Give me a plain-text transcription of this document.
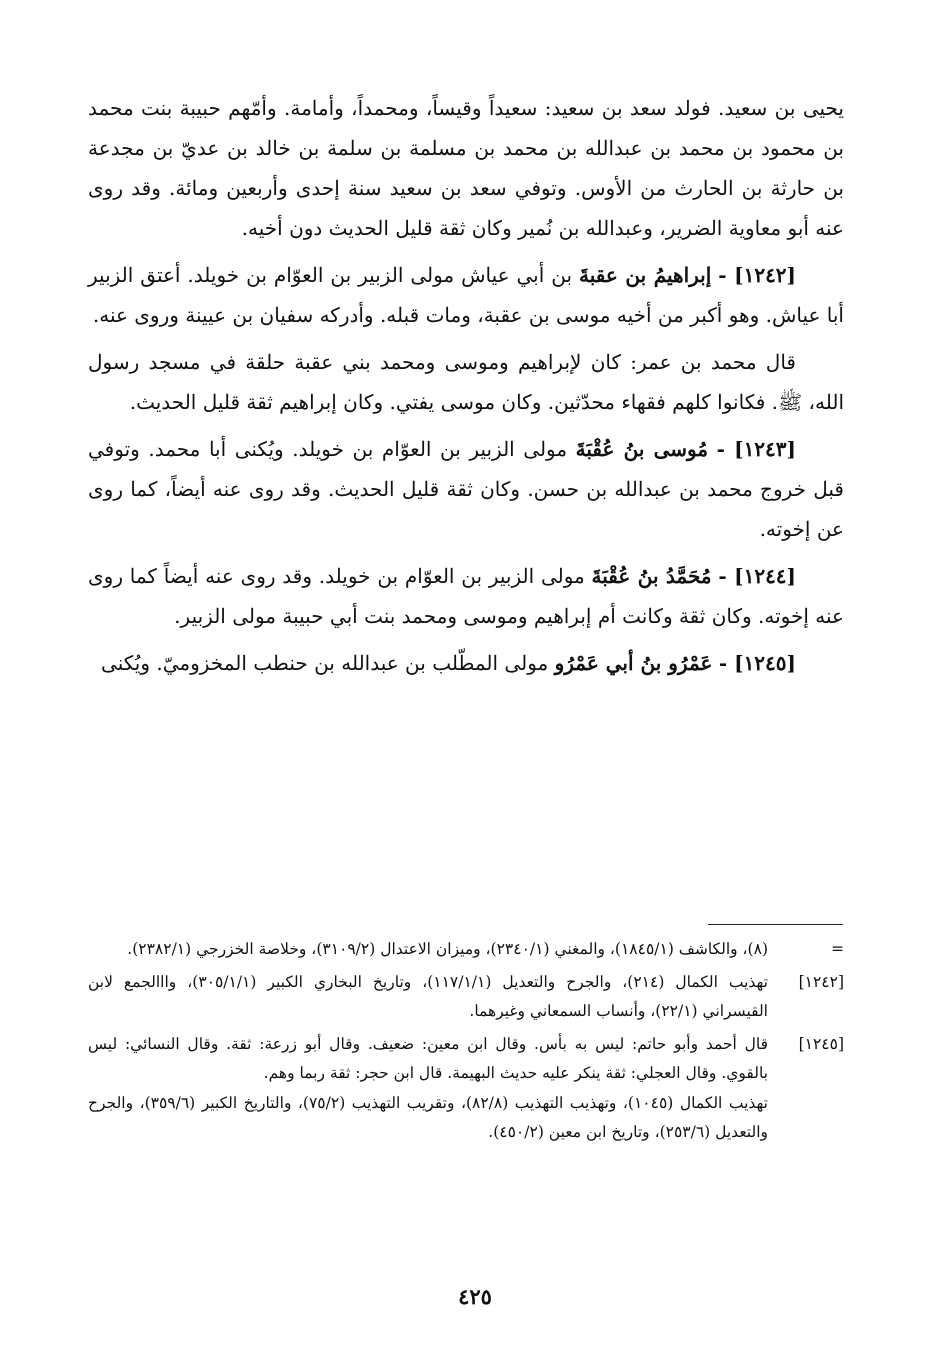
يحيى بن سعيد. فولد سعد بن سعيد: سعيداً وقيساً، ومحمداً، وأمامة. وأمّهم حبيبة بنت محمد بن محمود بن محمد بن عبدالله بن محمد بن مسلمة بن سلمة بن خالد بن عديّ بن مجدعة بن حارثة بن الحارث من الأوس. وتوفي سعد بن سعيد سنة إحدى وأربعين ومائة. وقد روى عنه أبو معاوية الضرير، وعبدالله بن نُمير وكان ثقة قليل الحديث دون أخيه.

[١٢٤٢] - إبراهيمُ بن عقبةَ بن أبي عياش مولى الزبير بن العوّام بن خويلد. أعتق الزبير أبا عياش. وهو أكبر من أخيه موسى بن عقبة، ومات قبله. وأدركه سفيان بن عيينة وروى عنه.

قال محمد بن عمر: كان لإبراهيم وموسى ومحمد بني عقبة حلقة في مسجد رسول الله، ﷺ. فكانوا كلهم فقهاء محدّثين. وكان موسى يفتي. وكان إبراهيم ثقة قليل الحديث.

[١٢٤٣] - مُوسى بنُ عُقْبَةَ مولى الزبير بن العوّام بن خويلد. ويُكنى أبا محمد. وتوفي قبل خروج محمد بن عبدالله بن حسن. وكان ثقة قليل الحديث. وقد روى عنه أيضاً، كما روى عن إخوته.

[١٢٤٤] - مُحَمَّدُ بنُ عُقْبَةَ مولى الزبير بن العوّام بن خويلد. وقد روى عنه أيضاً كما روى عنه إخوته. وكان ثقة وكانت أم إبراهيم وموسى ومحمد بنت أبي حبيبة مولى الزبير.

[١٢٤٥] - عَمْرُو بنُ أبي عَمْرُو مولى المطّلب بن عبدالله بن حنطب المخزوميّ. ويُكنى

=

(٨)، والكاشف (١٨٤٥/١)، والمغني (٢٣٤٠/١)، وميزان الاعتدال (٣١٠٩/٢)، وخلاصة الخزرجي (٢٣٨٢/١).

[١٢٤٢]

تهذيب الكمال (٢١٤)، والجرح والتعديل (١١٧/١/١)، وتاريخ البخاري الكبير (٣٠٥/١/١)، وااالجمع لابن القيسراني (٢٢/١)، وأنساب السمعاني وغيرهما.

[١٢٤٥]

قال أحمد وأبو حاتم: ليس به بأس. وقال ابن معين: ضعيف. وقال أبو زرعة: ثقة. وقال النسائي: ليس بالقوي. وقال العجلي: ثقة ينكر عليه حديث البهيمة. قال ابن حجر: ثقة ربما وهم.

تهذيب الكمال (١٠٤٥)، وتهذيب التهذيب (٨٢/٨)، وتقريب التهذيب (٧٥/٢)، والتاريخ الكبير (٣٥٩/٦)، والجرح والتعديل (٢٥٣/٦)، وتاريخ ابن معين (٤٥٠/٢).

٤٢٥
